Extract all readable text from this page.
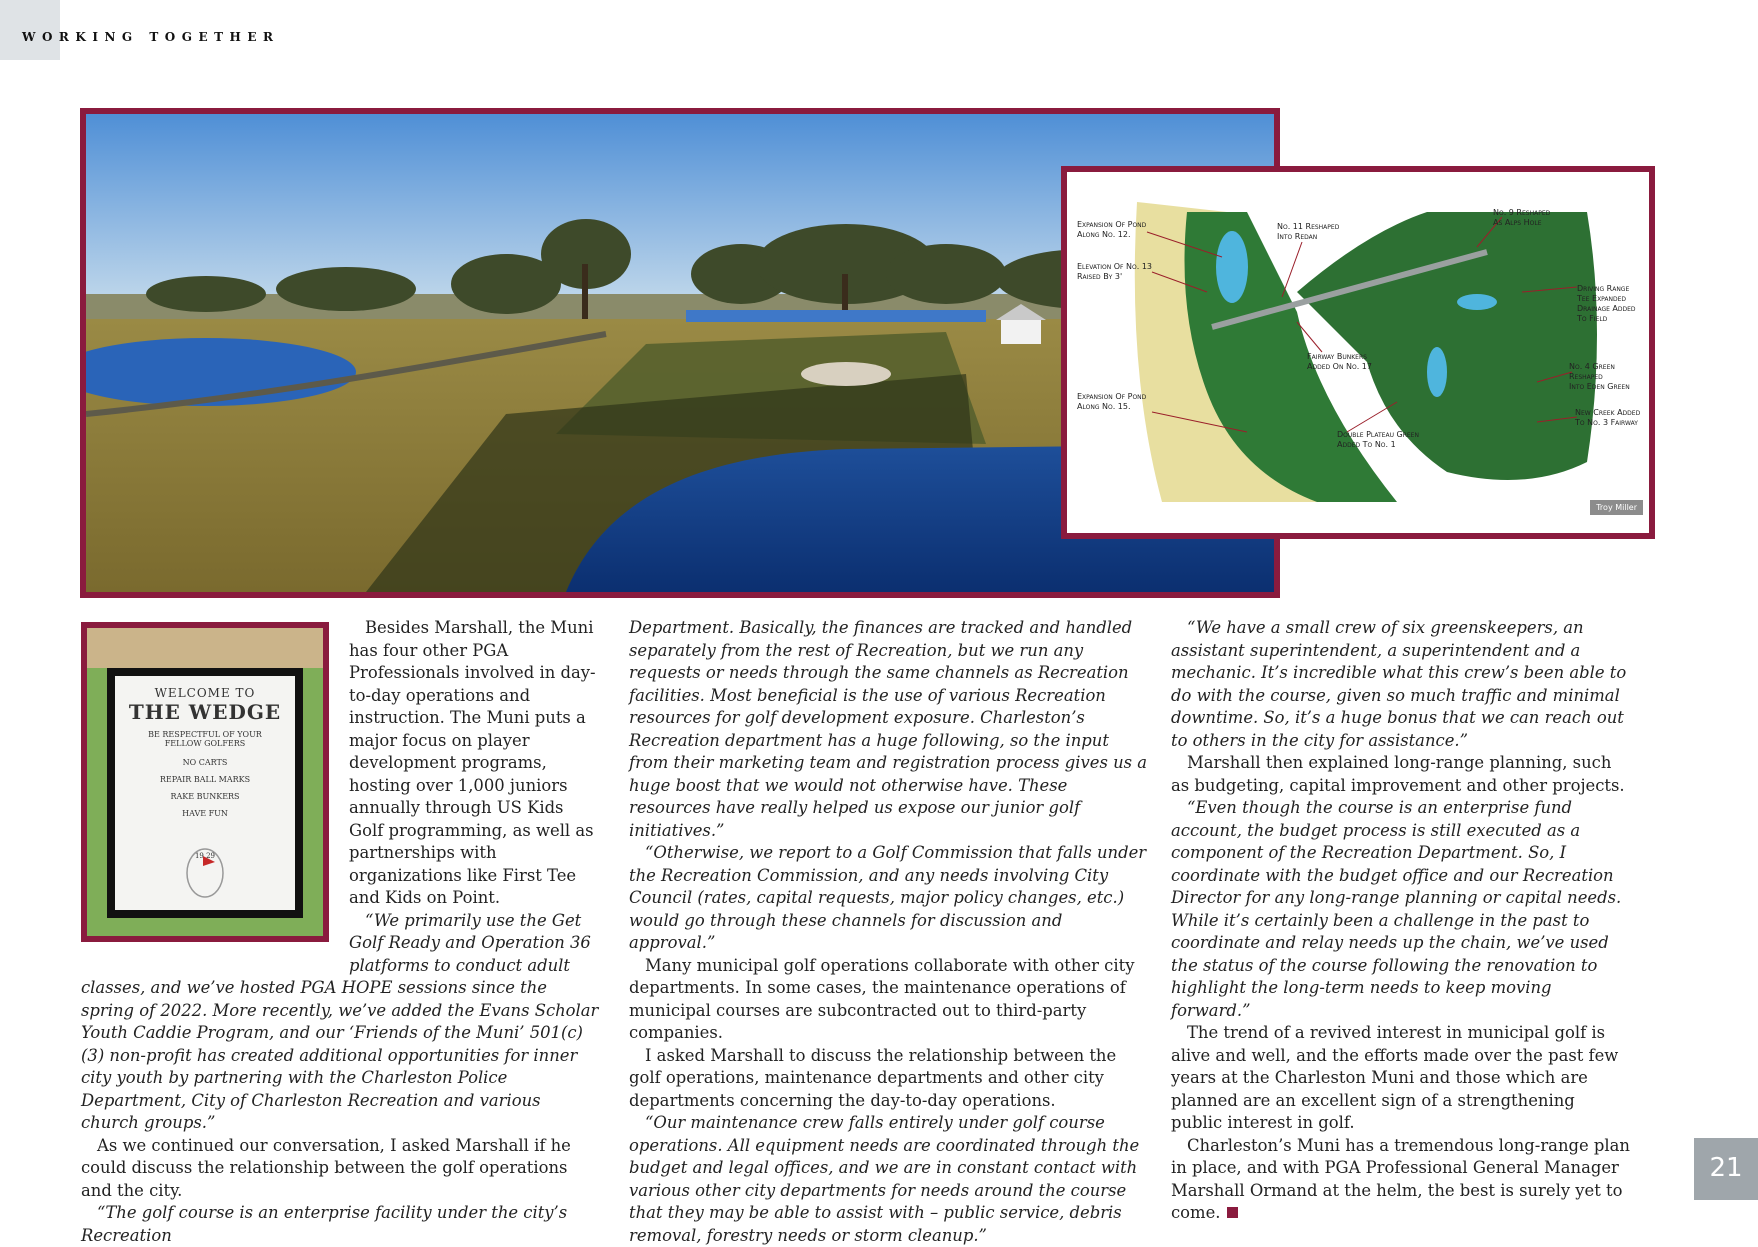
WORKING TOGETHER
Expansion Of Pond
Along No. 12.
Elevation Of No. 13
Raised By 3'
Expansion Of Pond
Along No. 15.
No. 11 Reshaped
Into Redan
Fairway Bunkers
Added On No. 17
Double Plateau Green
Added To No. 1
No. 9 Reshaped
As Alps Hole
Driving Range
Tee Expanded
Drainage Added
To Field
No. 4 Green Reshaped
Into Eden Green
New Creek Added
To No. 3 Fairway
Troy Miller
WELCOME TO
THE WEDGE
BE RESPECTFUL OF YOUR
FELLOW GOLFERS
NO CARTS
REPAIR BALL MARKS
RAKE BUNKERS
HAVE FUN
19 29

Besides Marshall, the Muni has four other PGA Professionals involved in day-to-day operations and instruction. The Muni puts a major focus on player development programs, hosting over 1,000 juniors annually through US Kids Golf programming, as well as partnerships with organizations like First Tee and Kids on Point.

“We primarily use the Get Golf Ready and Operation 36 platforms to conduct adult classes, and we’ve hosted PGA HOPE sessions since the spring of 2022. More recently, we’ve added the Evans Scholar Youth Caddie Program, and our ‘Friends of the Muni’ 501(c)(3) non-profit has created additional opportunities for inner city youth by partnering with the Charleston Police Department, City of Charleston Recreation and various church groups.”

As we continued our conversation, I asked Marshall if he could discuss the relationship between the golf operations and the city.

“The golf course is an enterprise facility under the city’s Recreation

Department. Basically, the finances are tracked and handled separately from the rest of Recreation, but we run any requests or needs through the same channels as Recreation facilities. Most beneficial is the use of various Recreation resources for golf development exposure. Charleston’s Recreation department has a huge following, so the input from their marketing team and registration process gives us a huge boost that we would not otherwise have. These resources have really helped us expose our junior golf initiatives.”

“Otherwise, we report to a Golf Commission that falls under the Recreation Commission, and any needs involving City Council (rates, capital requests, major policy changes, etc.) would go through these channels for discussion and approval.”

Many municipal golf operations collaborate with other city departments. In some cases, the maintenance operations of municipal courses are subcontracted out to third-party companies.

I asked Marshall to discuss the relationship between the golf operations, maintenance departments and other city departments concerning the day-to-day operations.

“Our maintenance crew falls entirely under golf course operations. All equipment needs are coordinated through the budget and legal offices, and we are in constant contact with various other city departments for needs around the course that they may be able to assist with – public service, debris removal, forestry needs or storm cleanup.”

“We have a small crew of six greenskeepers, an assistant superintendent, a superintendent and a mechanic. It’s incredible what this crew’s been able to do with the course, given so much traffic and minimal downtime. So, it’s a huge bonus that we can reach out to others in the city for assistance.”

Marshall then explained long-range planning, such as budgeting, capital improvement and other projects.

“Even though the course is an enterprise fund account, the budget process is still executed as a component of the Recreation Department. So, I coordinate with the budget office and our Recreation Director for any long-range planning or capital needs. While it’s certainly been a challenge in the past to coordinate and relay needs up the chain, we’ve used the status of the course following the renovation to highlight the long-term needs to keep moving forward.”

The trend of a revived interest in municipal golf is alive and well, and the efforts made over the past few years at the Charleston Muni and those which are planned are an excellent sign of a strengthening public interest in golf.

Charleston’s Muni has a tremendous long-range plan in place, and with PGA Professional General Manager Marshall Ormand at the helm, the best is surely yet to come.

21
